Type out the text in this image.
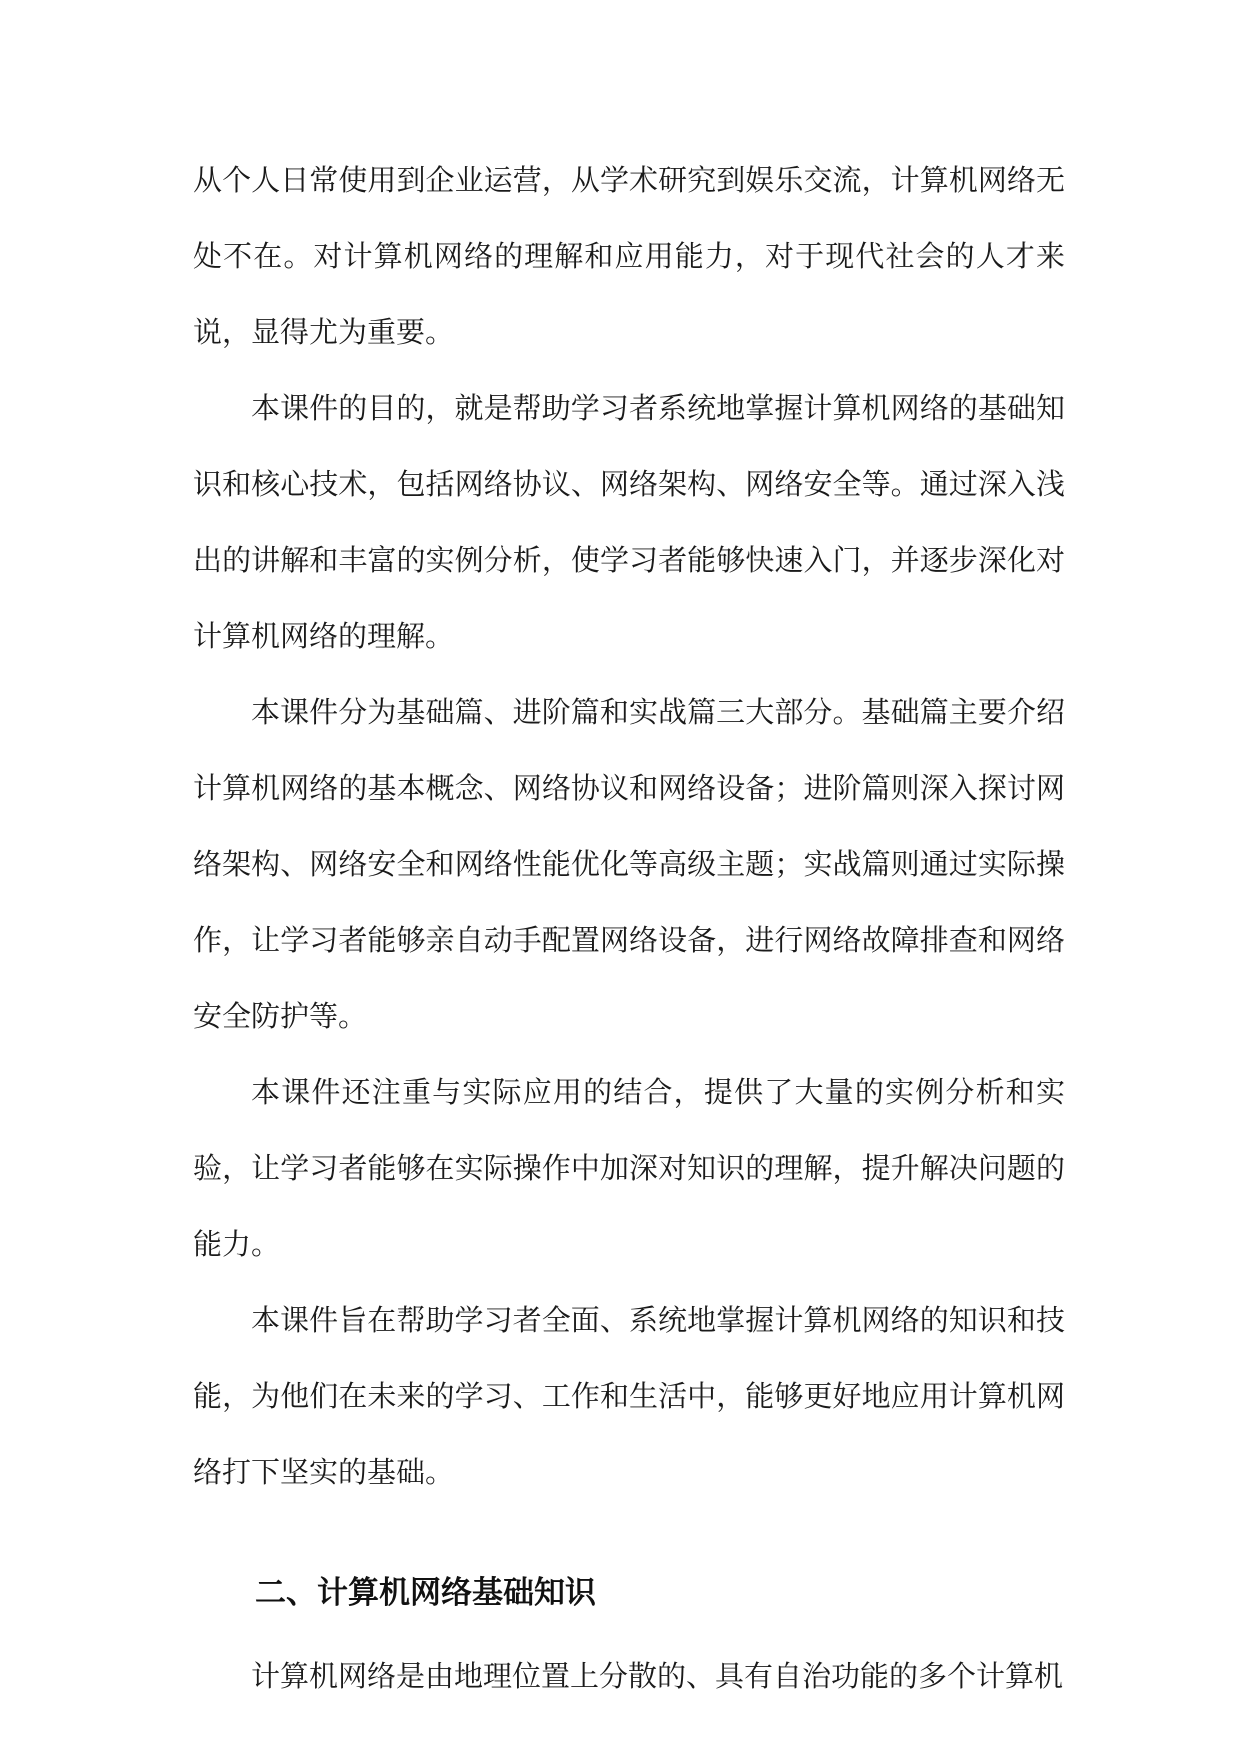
从个人日常使用到企业运营，从学术研究到娱乐交流，计算机网络无处不在。对计算机网络的理解和应用能力，对于现代社会的人才来说，显得尤为重要。

本课件的目的，就是帮助学习者系统地掌握计算机网络的基础知识和核心技术，包括网络协议、网络架构、网络安全等。通过深入浅出的讲解和丰富的实例分析，使学习者能够快速入门，并逐步深化对计算机网络的理解。

本课件分为基础篇、进阶篇和实战篇三大部分。基础篇主要介绍计算机网络的基本概念、网络协议和网络设备；进阶篇则深入探讨网络架构、网络安全和网络性能优化等高级主题；实战篇则通过实际操作，让学习者能够亲自动手配置网络设备，进行网络故障排查和网络安全防护等。

本课件还注重与实际应用的结合，提供了大量的实例分析和实验，让学习者能够在实际操作中加深对知识的理解，提升解决问题的能力。

本课件旨在帮助学习者全面、系统地掌握计算机网络的知识和技能，为他们在未来的学习、工作和生活中，能够更好地应用计算机网络打下坚实的基础。

二、计算机网络基础知识

计算机网络是由地理位置上分散的、具有自治功能的多个计算机
